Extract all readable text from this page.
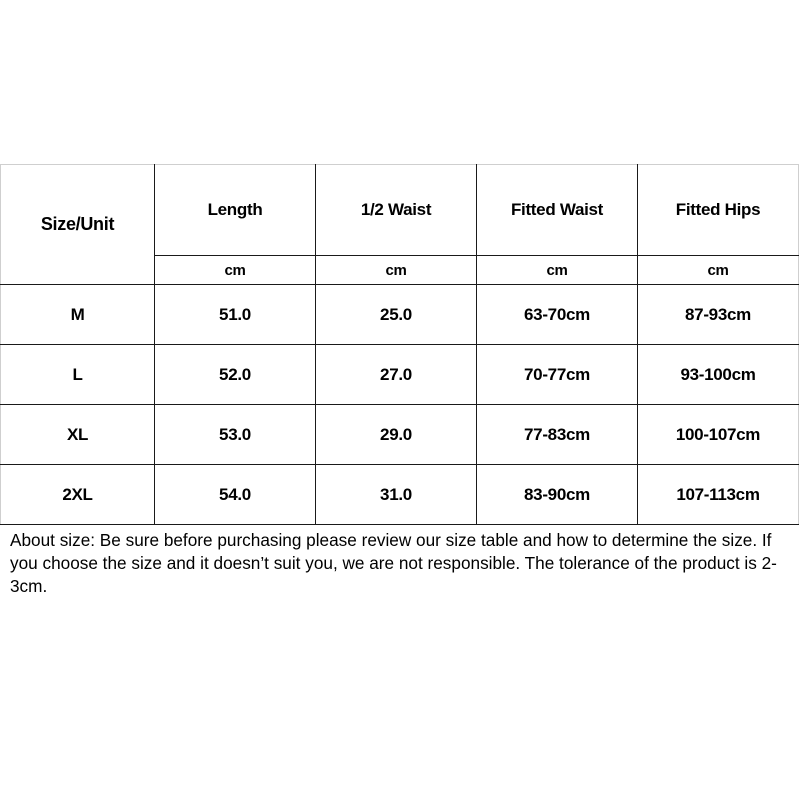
Size/Unit	Length	1/2 Waist	Fitted Waist	Fitted Hips
	cm	cm	cm	cm
M	51.0	25.0	63-70cm	87-93cm
L	52.0	27.0	70-77cm	93-100cm
XL	53.0	29.0	77-83cm	100-107cm
2XL	54.0	31.0	83-90cm	107-113cm
About size: Be sure before purchasing please review our size table and how to determine the size. If you choose the size and it doesn’t suit you, we are not responsible. The tolerance of the product is 2-3cm.
